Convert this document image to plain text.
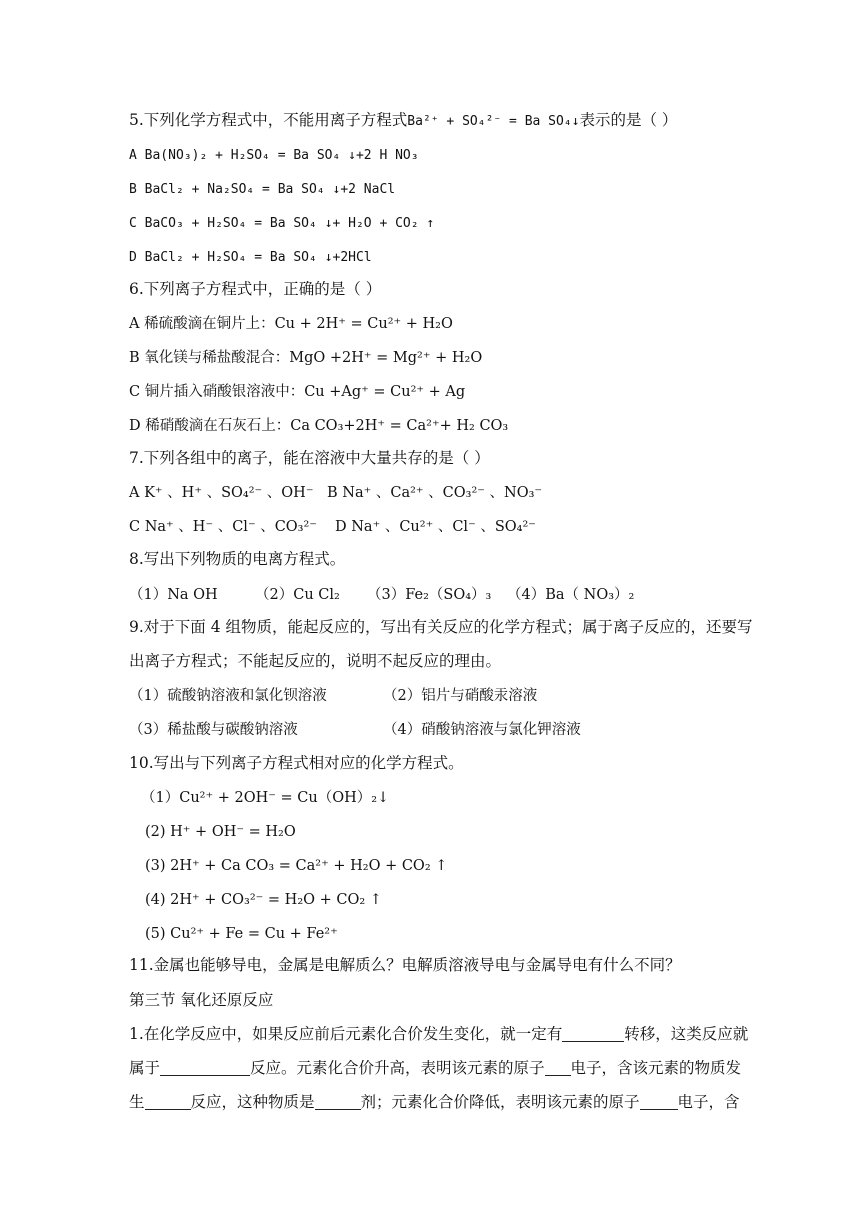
5.下列化学方程式中，不能用离子方程式Ba²⁺ + SO₄²⁻ = Ba SO₄↓表示的是（ ）
A Ba(NO₃)₂ + H₂SO₄ = Ba SO₄ ↓+2 H NO₃
B BaCl₂ + Na₂SO₄ = Ba SO₄ ↓+2 NaCl
C BaCO₃ + H₂SO₄ = Ba SO₄ ↓+ H₂O + CO₂ ↑
D BaCl₂ + H₂SO₄ = Ba SO₄ ↓+2HCl
6.下列离子方程式中，正确的是（ ）
A 稀硫酸滴在铜片上：Cu + 2H⁺ = Cu²⁺ + H₂O
B 氧化镁与稀盐酸混合：MgO +2H⁺ = Mg²⁺ + H₂O
C 铜片插入硝酸银溶液中：Cu +Ag⁺ = Cu²⁺ + Ag
D 稀硝酸滴在石灰石上：Ca CO₃+2H⁺ = Ca²⁺+ H₂ CO₃
7.下列各组中的离子，能在溶液中大量共存的是（ ）
A K⁺ 、H⁺ 、SO₄²⁻ 、OH⁻ B Na⁺ 、Ca²⁺ 、CO₃²⁻ 、NO₃⁻
C Na⁺ 、H⁻ 、Cl⁻ 、CO₃²⁻ D Na⁺ 、Cu²⁺ 、Cl⁻ 、SO₄²⁻
8.写出下列物质的电离方程式。
（1）Na OH	（2）Cu Cl₂ （3）Fe₂（SO₄）₃ （4）Ba（ NO₃）₂
9.对于下面 4 组物质，能起反应的，写出有关反应的化学方程式；属于离子反应的，还要写
出离子方程式；不能起反应的，说明不起反应的理由。
（1）硫酸钠溶液和氯化钡溶液	（2）铝片与硝酸汞溶液
（3）稀盐酸与碳酸钠溶液	（4）硝酸钠溶液与氯化钾溶液
10.写出与下列离子方程式相对应的化学方程式。
（1）Cu²⁺ + 2OH⁻ = Cu（OH）₂↓
(2) H⁺ + OH⁻ = H₂O
(3) 2H⁺ + Ca CO₃ = Ca²⁺ + H₂O + CO₂ ↑
(4) 2H⁺ + CO₃²⁻ = H₂O + CO₂ ↑
(5) Cu²⁺ + Fe = Cu + Fe²⁺
11.金属也能够导电，金属是电解质么？电解质溶液导电与金属导电有什么不同？
第三节 氧化还原反应
1.在化学反应中，如果反应前后元素化合价发生变化，就一定有	转移，这类反应就
属于	反应。元素化合价升高，表明该元素的原子 电子，含该元素的物质发
生	反应，这种物质是	剂；元素化合价降低，表明该元素的原子 电子，含
